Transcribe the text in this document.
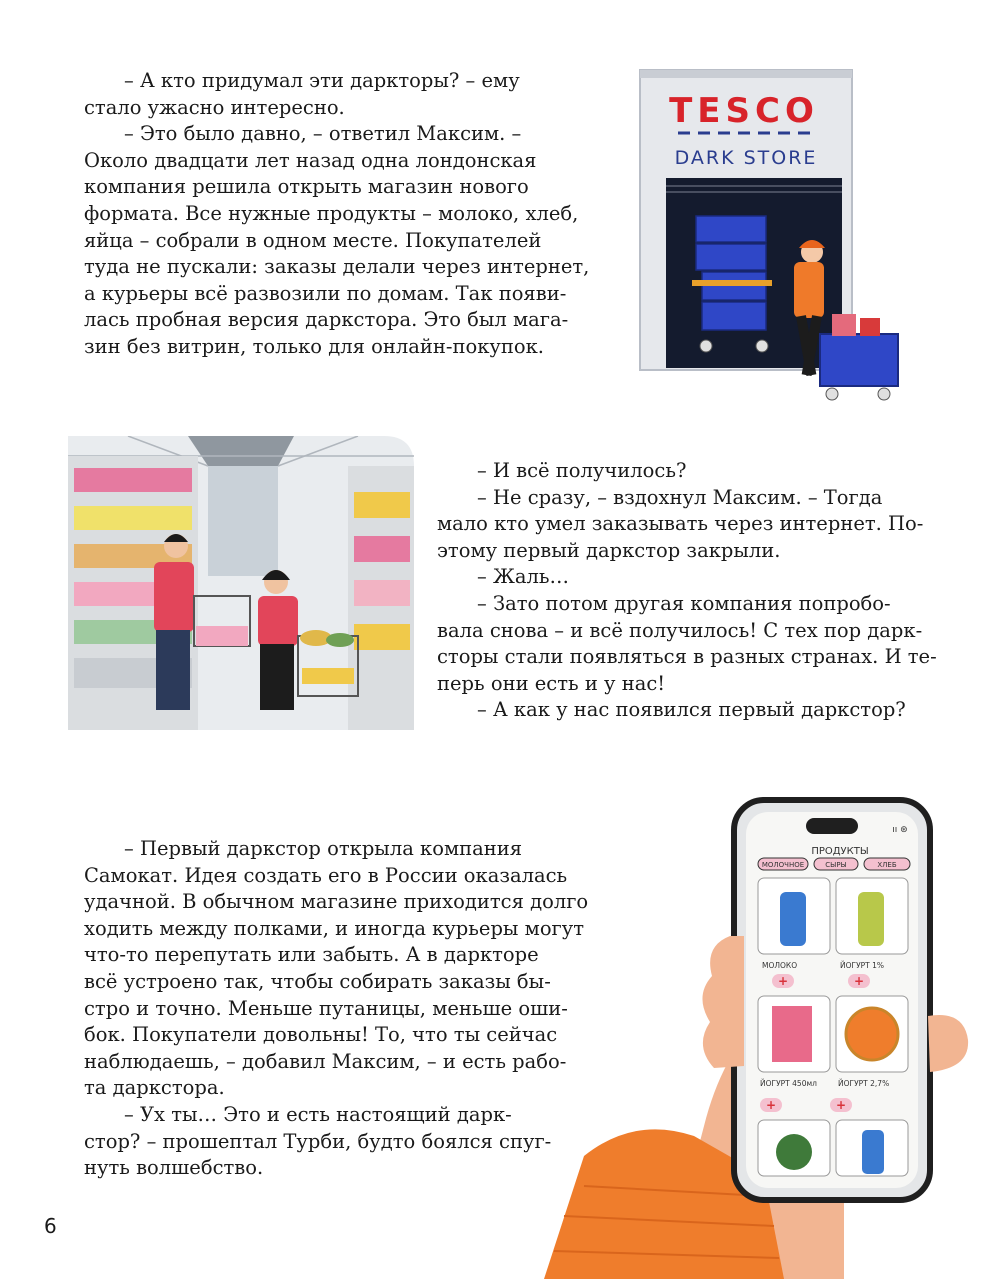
– А кто придумал эти даркторы? – ему
стало ужасно интересно.
– Это было давно, – ответил Максим. –
Около двадцати лет назад одна лондонская
компания решила открыть магазин нового
формата. Все нужные продукты – молоко, хлеб,
яйца – собрали в одном месте. Покупателей
туда не пускали: заказы делали через интернет,
а курьеры всё развозили по домам. Так появи-
лась пробная версия даркстора. Это был мага-
зин без витрин, только для онлайн-покупок.
– И всё получилось?
– Не сразу, – вздохнул Максим. – Тогда
мало кто умел заказывать через интернет. По-
этому первый даркстор закрыли.
– Жаль…
– Зато потом другая компания попробо-
вала снова – и всё получилось! С тех пор дарк-
сторы стали появляться в разных странах. И те-
перь они есть и у нас!
– А как у нас появился первый даркстор?
– Первый даркстор открыла компания
Самокат. Идея создать его в России оказалась
удачной. В обычном магазине приходится долго
ходить между полками, и иногда курьеры могут
что-то перепутать или забыть. А в даркторе
всё устроено так, чтобы собирать заказы бы-
стро и точно. Меньше путаницы, меньше оши-
бок. Покупатели довольны! То, что ты сейчас
наблюдаешь, – добавил Максим, – и есть рабо-
та даркстора.
– Ух ты… Это и есть настоящий дарк-
стор? – прошептал Турби, будто боялся спуг-
нуть волшебство.
6
TESCO
DARK STORE
ıı ⊛
ПРОДУКТЫ
МОЛОЧНОЕ	СЫРЫ	ХЛЕБ
МОЛОКО	ЙОГУРТ 1%
+	+
ЙОГУРТ 450мл	ЙОГУРТ 2,7%
+	+
